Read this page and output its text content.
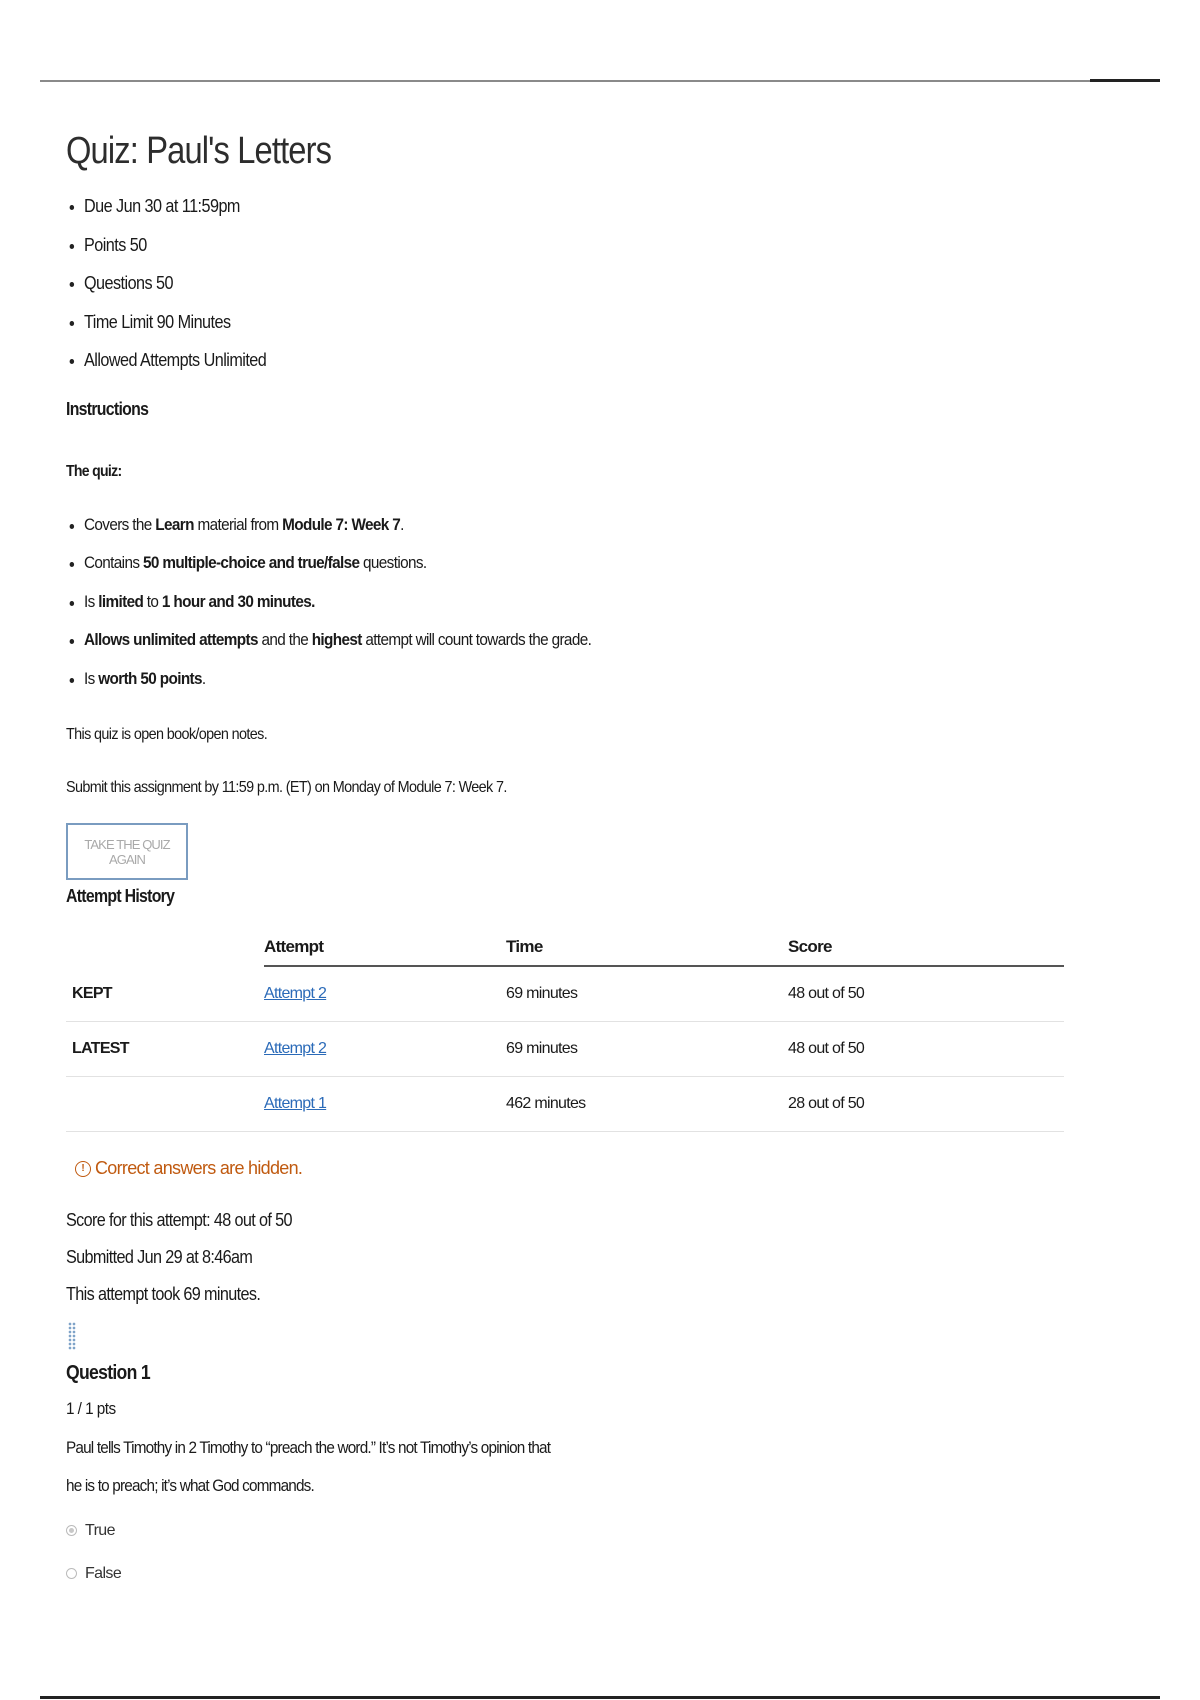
Quiz: Paul's Letters
Due Jun 30 at 11:59pm
Points 50
Questions 50
Time Limit 90 Minutes
Allowed Attempts Unlimited
Instructions
The quiz:
Covers the Learn material from Module 7: Week 7.
Contains 50 multiple-choice and true/false questions.
Is limited to 1 hour and 30 minutes.
Allows unlimited attempts and the highest attempt will count towards the grade.
Is worth 50 points.
This quiz is open book/open notes.
Submit this assignment by 11:59 p.m. (ET) on Monday of Module 7: Week 7.
TAKE THE QUIZ AGAIN
Attempt History
	Attempt	Time	Score
KEPT	Attempt 2	69 minutes	48 out of 50
LATEST	Attempt 2	69 minutes	48 out of 50
	Attempt 1	462 minutes	28 out of 50
! Correct answers are hidden.
Score for this attempt: 48 out of 50
Submitted Jun 29 at 8:46am
This attempt took 69 minutes.
Question 1
1 / 1 pts
Paul tells Timothy in 2 Timothy to “preach the word.” It’s not Timothy’s opinion that he is to preach; it’s what God commands.
True
False
